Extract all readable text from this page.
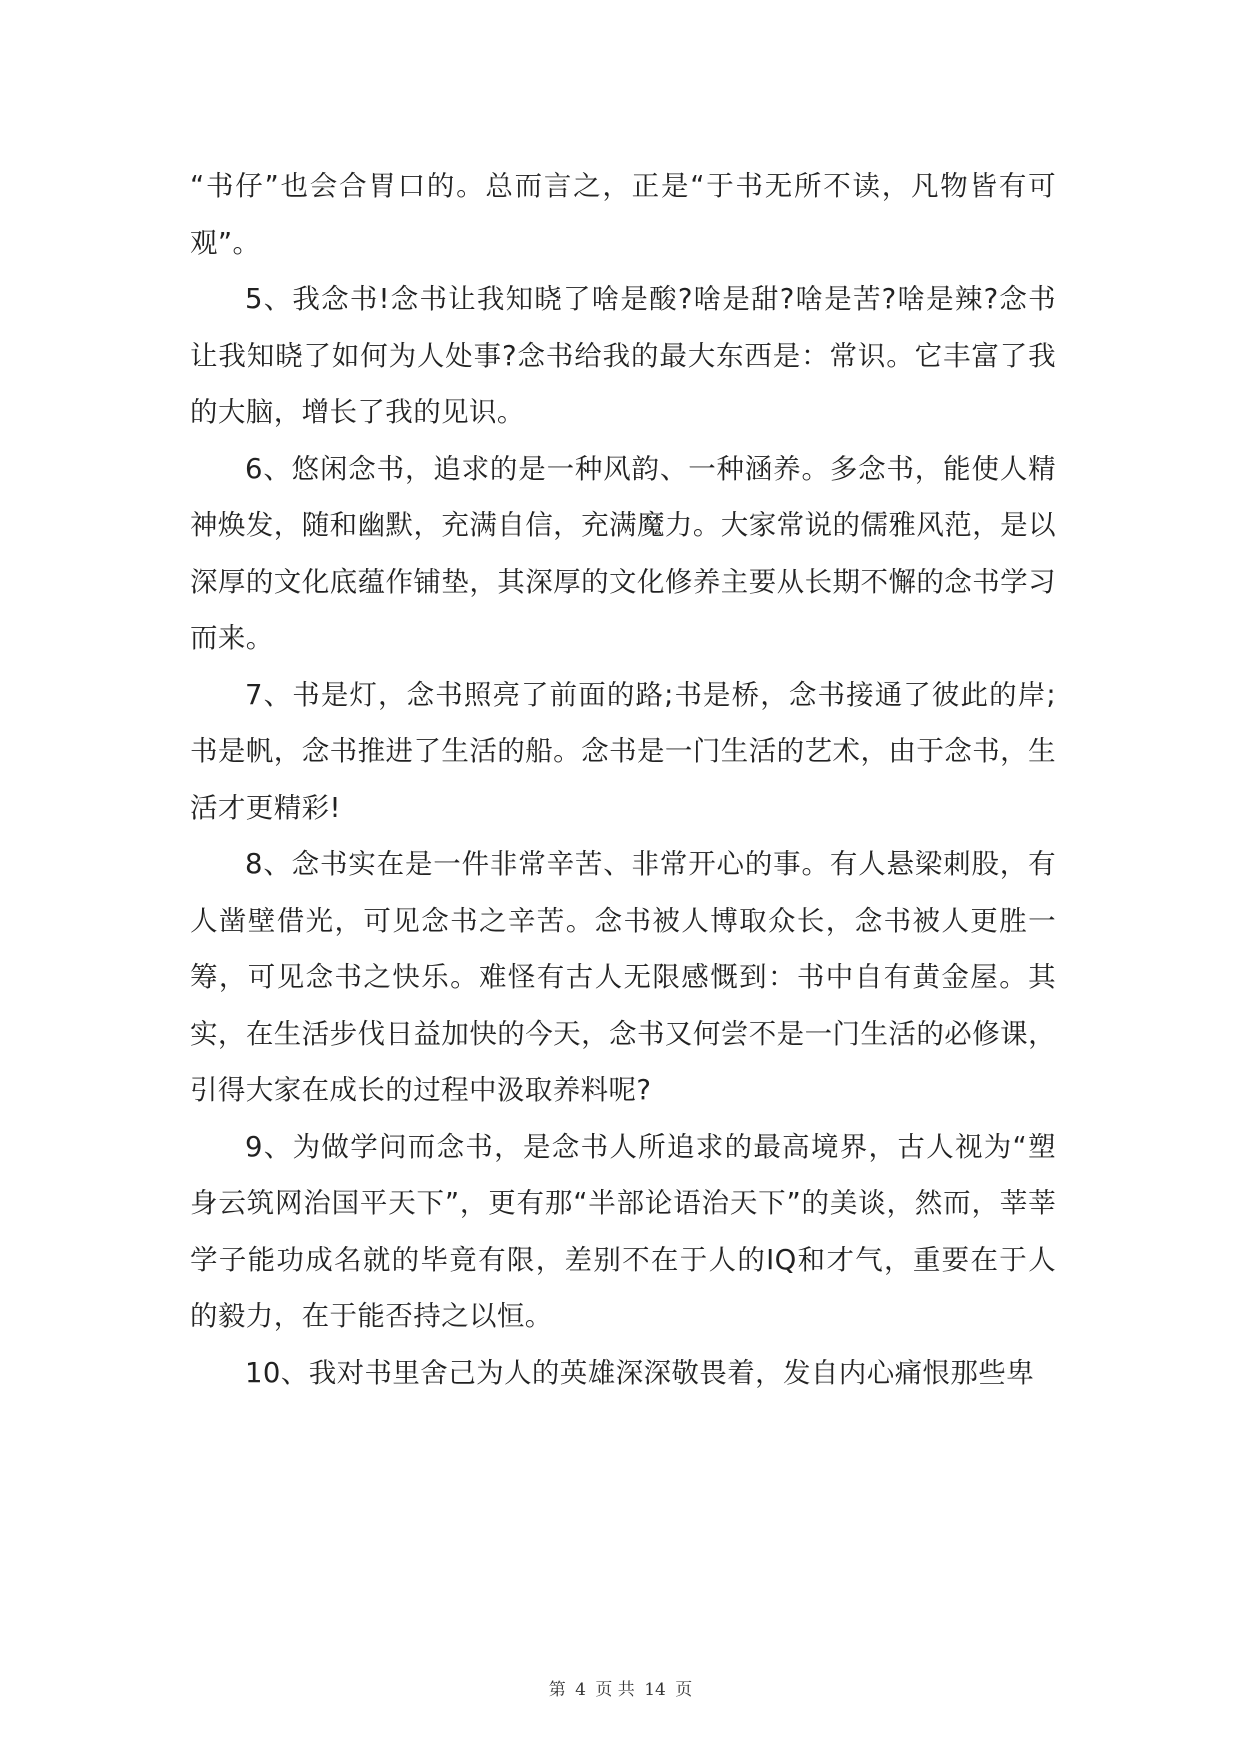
“书仔”也会合胃口的。总而言之，正是“于书无所不读，凡物皆有可观”。

5、我念书!念书让我知晓了啥是酸?啥是甜?啥是苦?啥是辣?念书让我知晓了如何为人处事?念书给我的最大东西是：常识。它丰富了我的大脑，增长了我的见识。

6、悠闲念书，追求的是一种风韵、一种涵养。多念书，能使人精神焕发，随和幽默，充满自信，充满魔力。大家常说的儒雅风范，是以深厚的文化底蕴作铺垫，其深厚的文化修养主要从长期不懈的念书学习而来。

7、书是灯，念书照亮了前面的路;书是桥，念书接通了彼此的岸;书是帆，念书推进了生活的船。念书是一门生活的艺术，由于念书，生活才更精彩!

8、念书实在是一件非常辛苦、非常开心的事。有人悬梁刺股，有人凿壁借光，可见念书之辛苦。念书被人博取众长，念书被人更胜一筹，可见念书之快乐。难怪有古人无限感慨到：书中自有黄金屋。其实，在生活步伐日益加快的今天，念书又何尝不是一门生活的必修课，引得大家在成长的过程中汲取养料呢?

9、为做学问而念书，是念书人所追求的最高境界，古人视为“塑身云筑网治国平天下”，更有那“半部论语治天下”的美谈，然而，莘莘学子能功成名就的毕竟有限，差别不在于人的IQ和才气，重要在于人的毅力，在于能否持之以恒。

10、我对书里舍己为人的英雄深深敬畏着，发自内心痛恨那些卑

第 4 页 共 14 页
